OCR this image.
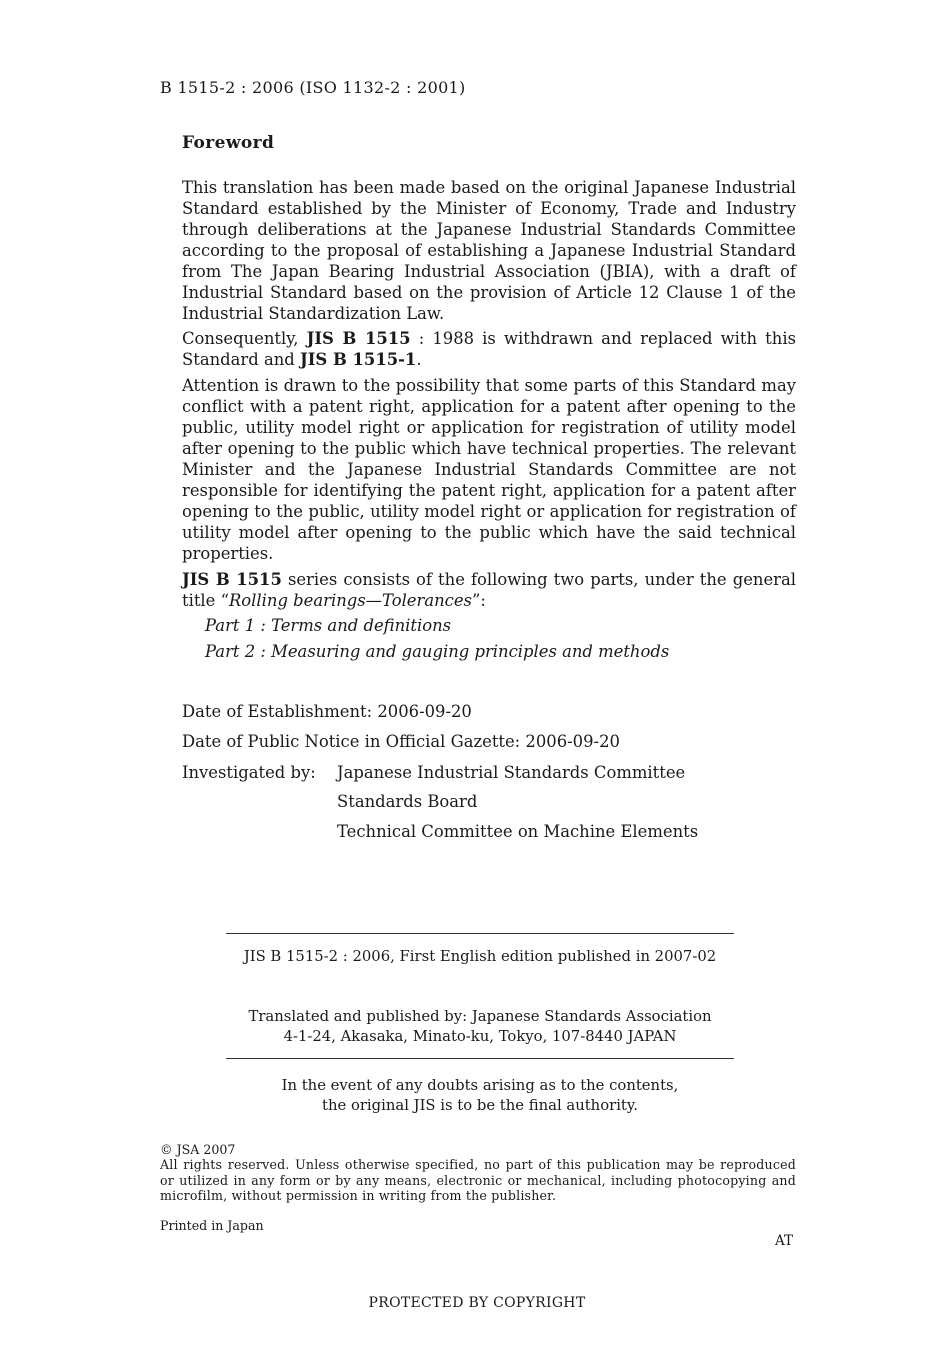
B 1515-2 : 2006 (ISO 1132-2 : 2001)
Foreword

This translation has been made based on the original Japanese Industrial Standard established by the Minister of Economy, Trade and Industry through deliberations at the Japanese Industrial Standards Committee according to the proposal of establishing a Japanese Industrial Standard from The Japan Bearing Industrial Association (JBIA), with a draft of Industrial Standard based on the provision of Article 12 Clause 1 of the Industrial Standardization Law.

Consequently, JIS B 1515 : 1988 is withdrawn and replaced with this Standard and JIS B 1515-1.

Attention is drawn to the possibility that some parts of this Standard may conflict with a patent right, application for a patent after opening to the public, utility model right or application for registration of utility model after opening to the public which have technical properties. The relevant Minister and the Japanese Industrial Standards Committee are not responsible for identifying the patent right, application for a patent after opening to the public, utility model right or application for registration of utility model after opening to the public which have the said technical properties.

JIS B 1515 series consists of the following two parts, under the general title “Rolling bearings—Tolerances”:

Part 1 : Terms and definitions
Part 2 : Measuring and gauging principles and methods
Date of Establishment: 2006-09-20
Date of Public Notice in Official Gazette: 2006-09-20
Investigated by: Japanese Industrial Standards Committee
Standards Board
Technical Committee on Machine Elements
JIS B 1515-2 : 2006, First English edition published in 2007-02
Translated and published by: Japanese Standards Association
4-1-24, Akasaka, Minato-ku, Tokyo, 107-8440 JAPAN
In the event of any doubts arising as to the contents,
the original JIS is to be the final authority.
© JSA 2007

All rights reserved. Unless otherwise specified, no part of this publication may be reproduced or utilized in any form or by any means, electronic or mechanical, including photocopying and microfilm, without permission in writing from the publisher.

Printed in Japan
AT
PROTECTED BY COPYRIGHT
